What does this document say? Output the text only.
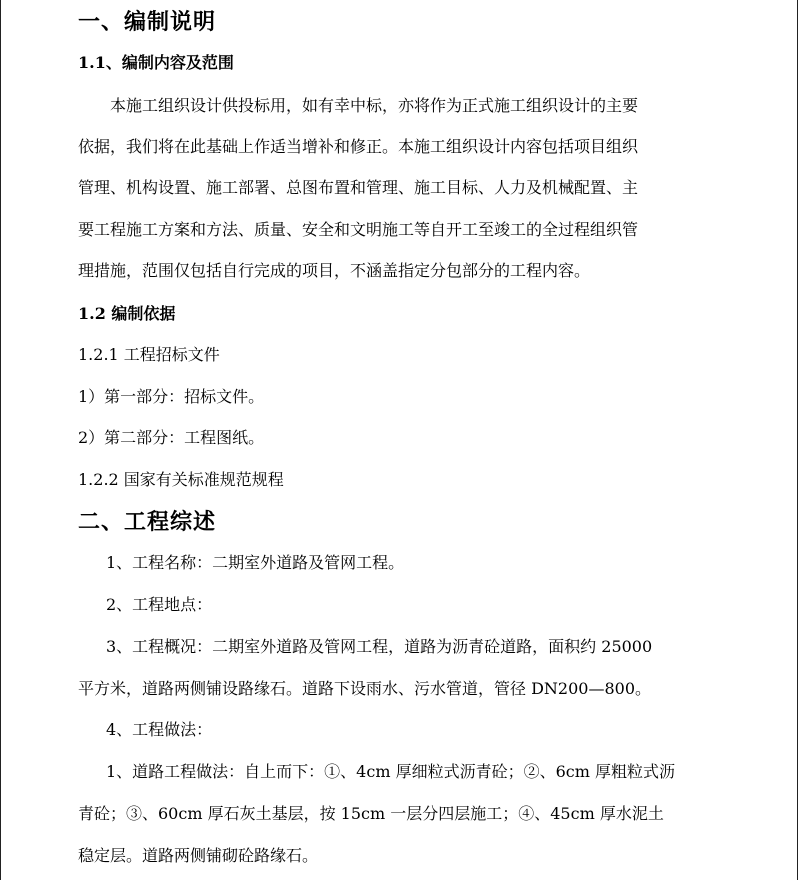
一、编制说明
1.1、编制内容及范围
本施工组织设计供投标用，如有幸中标，亦将作为正式施工组织设计的主要
依据，我们将在此基础上作适当增补和修正。本施工组织设计内容包括项目组织
管理、机构设置、施工部署、总图布置和管理、施工目标、人力及机械配置、主
要工程施工方案和方法、质量、安全和文明施工等自开工至竣工的全过程组织管
理措施，范围仅包括自行完成的项目，不涵盖指定分包部分的工程内容。
1.2 编制依据
1.2.1 工程招标文件
1）第一部分：招标文件。
2）第二部分：工程图纸。
1.2.2 国家有关标准规范规程
二、工程综述
1、工程名称：二期室外道路及管网工程。
2、工程地点：
3、工程概况：二期室外道路及管网工程，道路为沥青砼道路，面积约 25000
平方米，道路两侧铺设路缘石。道路下设雨水、污水管道，管径 DN200—800。
4、工程做法：
1、道路工程做法：自上而下：①、4cm 厚细粒式沥青砼；②、6cm 厚粗粒式沥
青砼；③、60cm 厚石灰土基层，按 15cm 一层分四层施工；④、45cm 厚水泥土
稳定层。道路两侧铺砌砼路缘石。
